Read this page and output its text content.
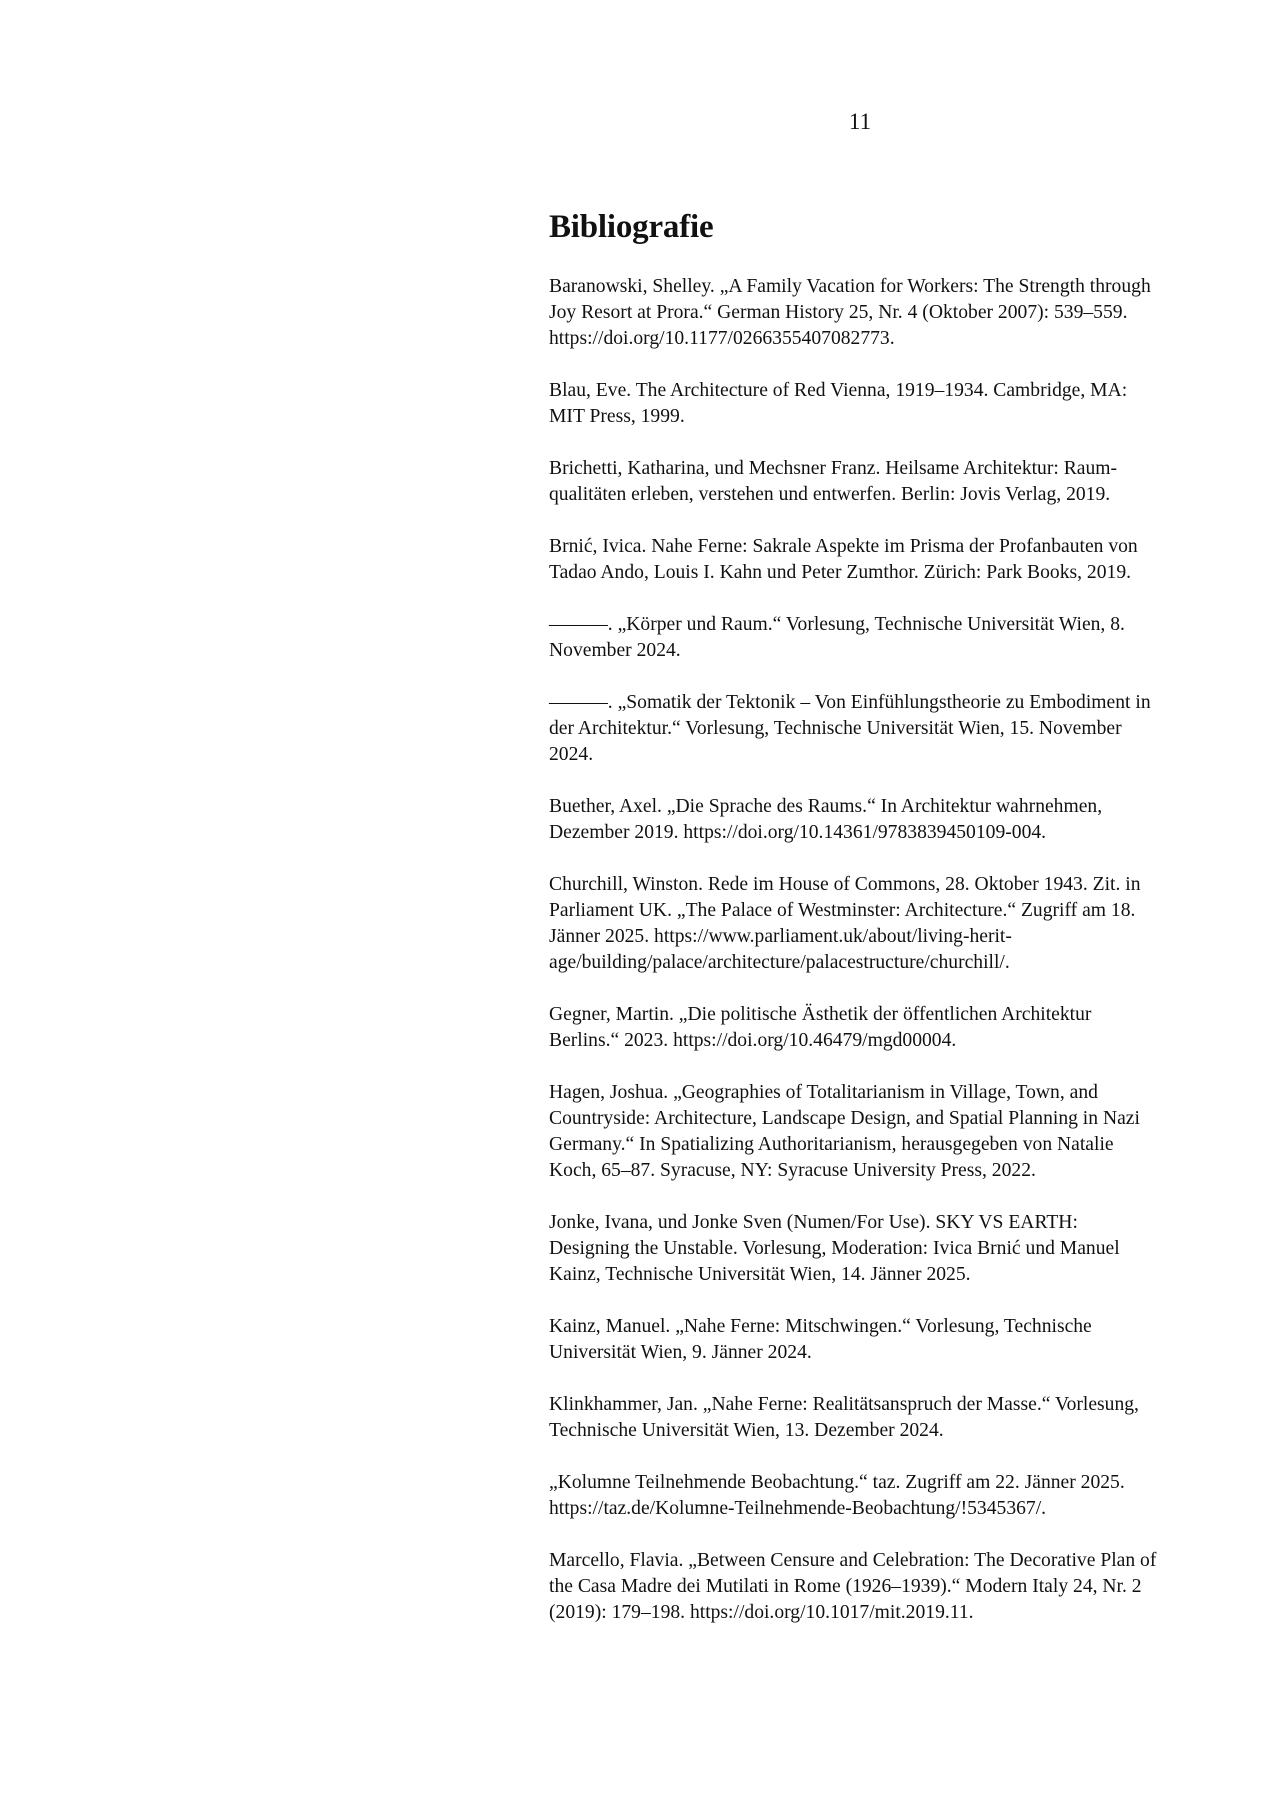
11
Bibliografie
Baranowski, Shelley. „A Family Vacation for Workers: The Strength through Joy Resort at Prora.“ German History 25, Nr. 4 (Oktober 2007): 539–559. https://doi.org/10.1177/0266355407082773.
Blau, Eve. The Architecture of Red Vienna, 1919–1934. Cambridge, MA: MIT Press, 1999.
Brichetti, Katharina, und Mechsner Franz. Heilsame Architektur: Raumqualitäten erleben, verstehen und entwerfen. Berlin: Jovis Verlag, 2019.
Brnić, Ivica. Nahe Ferne: Sakrale Aspekte im Prisma der Profanbauten von Tadao Ando, Louis I. Kahn und Peter Zumthor. Zürich: Park Books, 2019.
———. „Körper und Raum.“ Vorlesung, Technische Universität Wien, 8. November 2024.
———. „Somatik der Tektonik – Von Einfühlungstheorie zu Embodiment in der Architektur.“ Vorlesung, Technische Universität Wien, 15. November 2024.
Buether, Axel. „Die Sprache des Raums.“ In Architektur wahrnehmen, Dezember 2019. https://doi.org/10.14361/9783839450109-004.
Churchill, Winston. Rede im House of Commons, 28. Oktober 1943. Zit. in Parliament UK. „The Palace of Westminster: Architecture.“ Zugriff am 18. Jänner 2025. https://www.parliament.uk/about/living-heritage/building/palace/architecture/palacestructure/churchill/.
Gegner, Martin. „Die politische Ästhetik der öffentlichen Architektur Berlins.“ 2023. https://doi.org/10.46479/mgd00004.
Hagen, Joshua. „Geographies of Totalitarianism in Village, Town, and Countryside: Architecture, Landscape Design, and Spatial Planning in Nazi Germany.“ In Spatializing Authoritarianism, herausgegeben von Natalie Koch, 65–87. Syracuse, NY: Syracuse University Press, 2022.
Jonke, Ivana, und Jonke Sven (Numen/For Use). SKY VS EARTH: Designing the Unstable. Vorlesung, Moderation: Ivica Brnić und Manuel Kainz, Technische Universität Wien, 14. Jänner 2025.
Kainz, Manuel. „Nahe Ferne: Mitschwingen.“ Vorlesung, Technische Universität Wien, 9. Jänner 2024.
Klinkhammer, Jan. „Nahe Ferne: Realitätsanspruch der Masse.“ Vorlesung, Technische Universität Wien, 13. Dezember 2024.
„Kolumne Teilnehmende Beobachtung.“ taz. Zugriff am 22. Jänner 2025. https://taz.de/Kolumne-Teilnehmende-Beobachtung/!5345367/.
Marcello, Flavia. „Between Censure and Celebration: The Decorative Plan of the Casa Madre dei Mutilati in Rome (1926–1939).“ Modern Italy 24, Nr. 2 (2019): 179–198. https://doi.org/10.1017/mit.2019.11.
